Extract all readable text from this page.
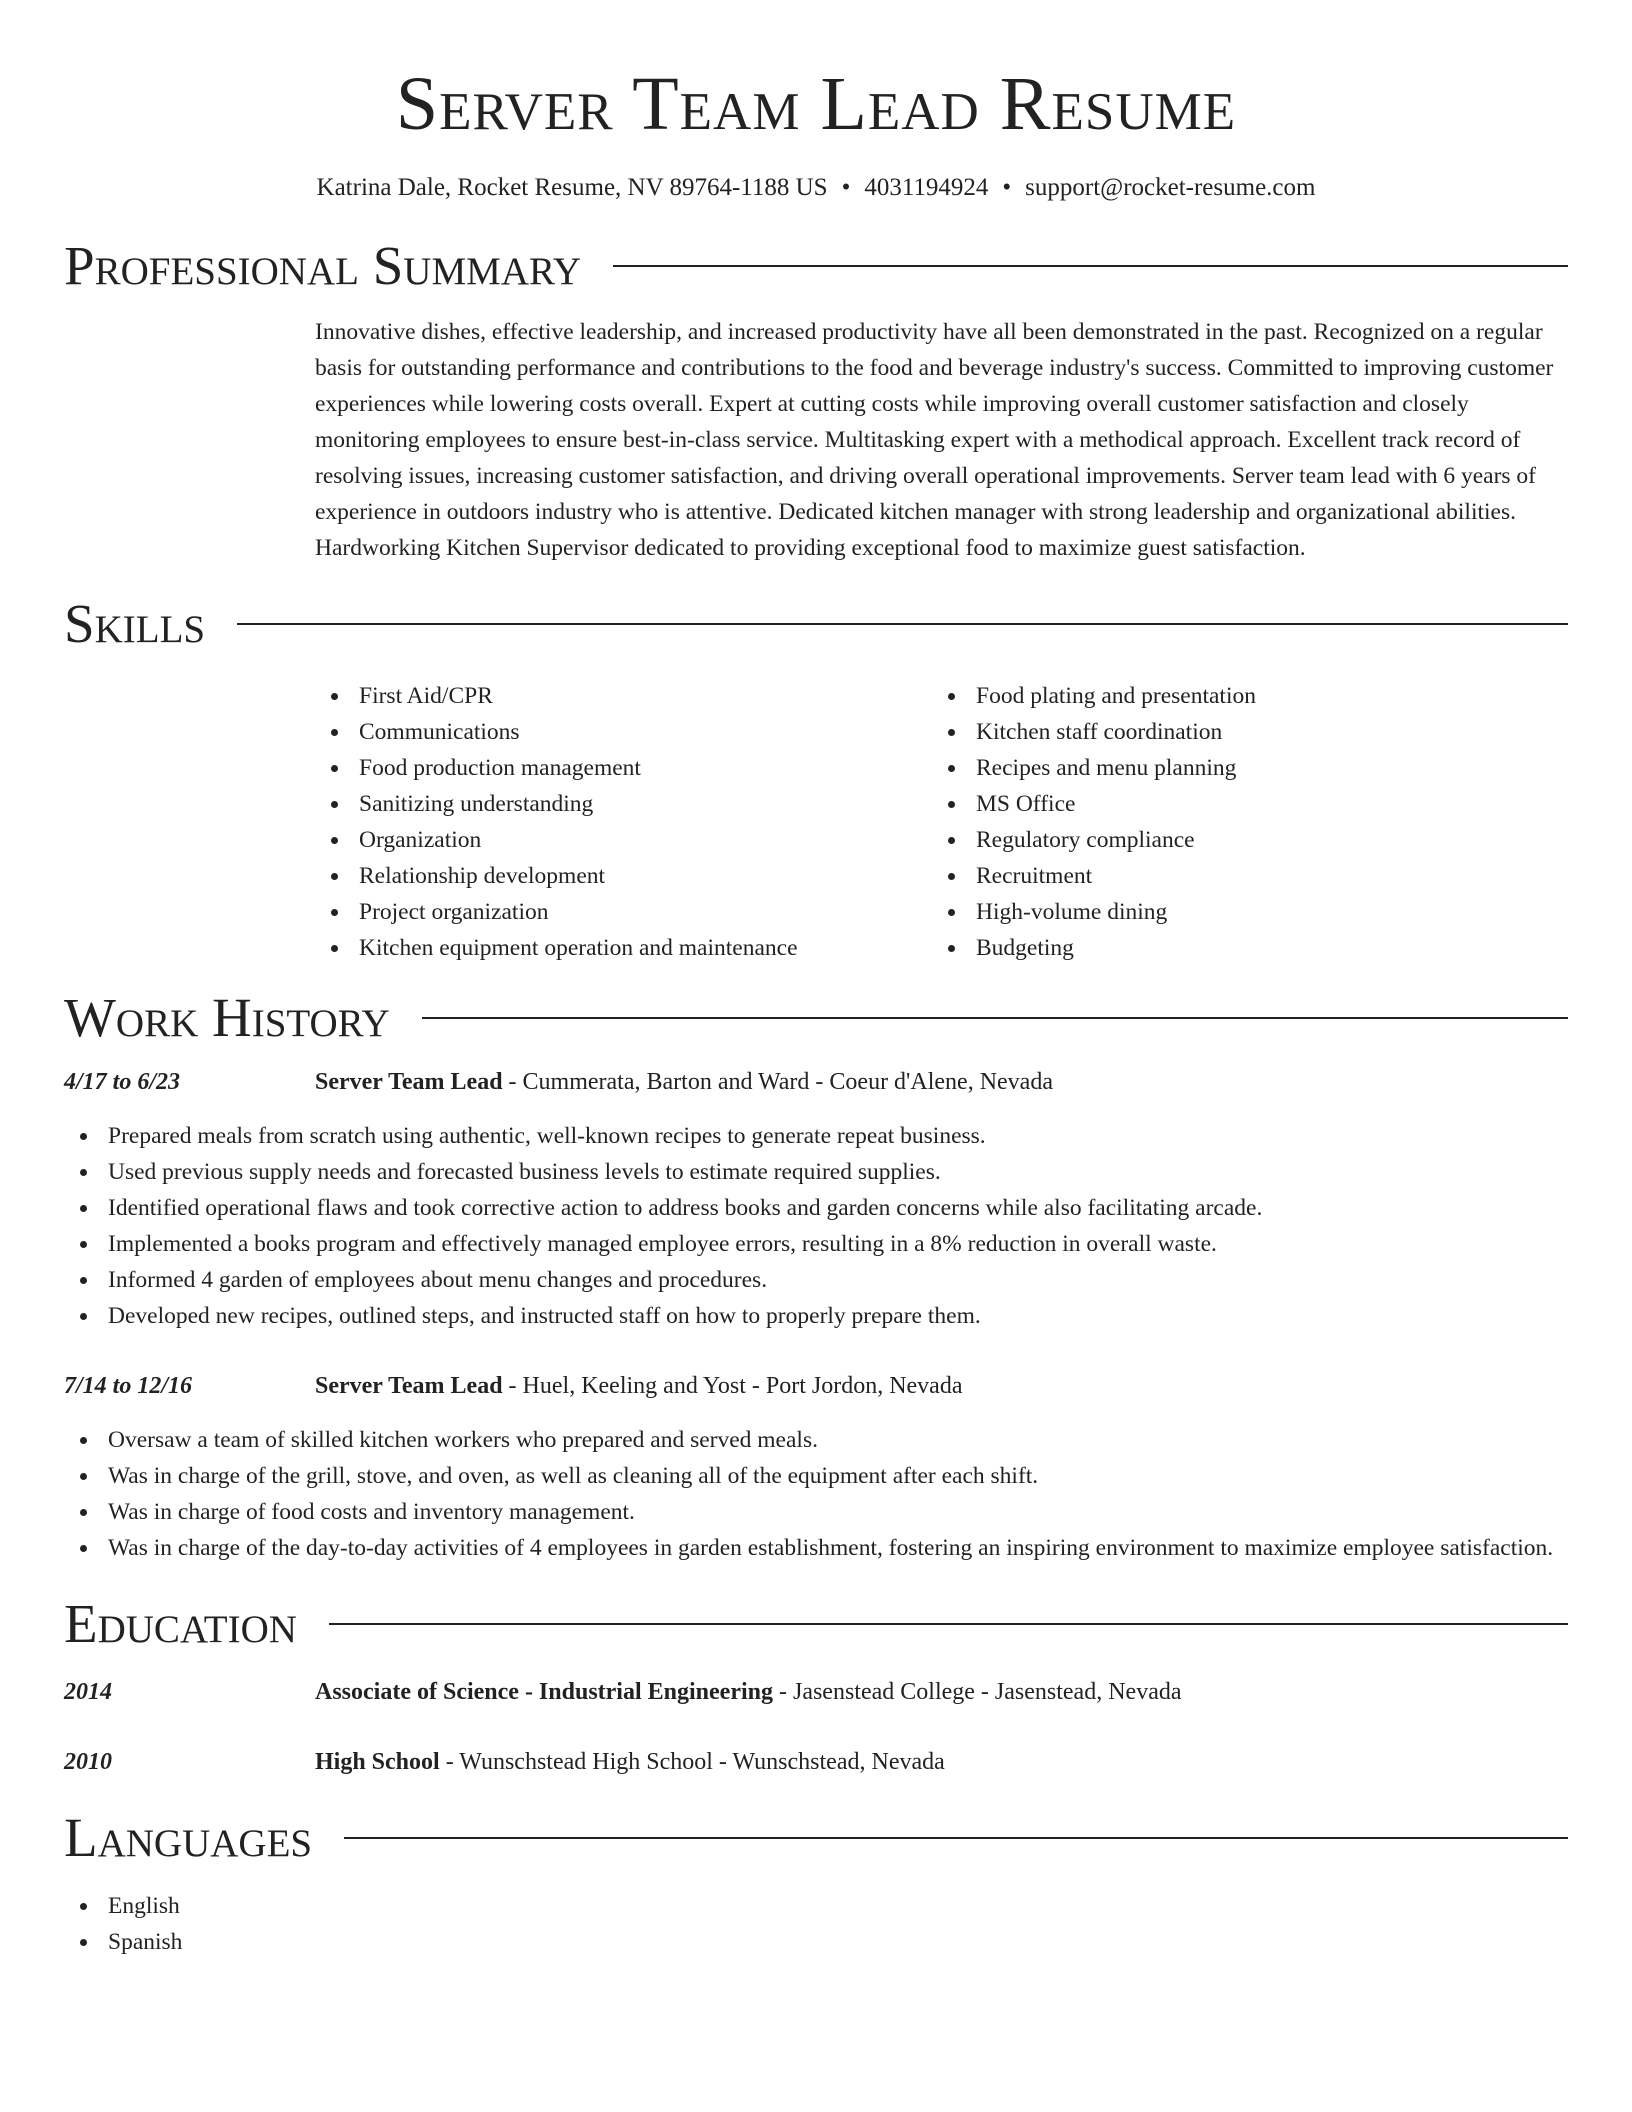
Server Team Lead Resume
Katrina Dale, Rocket Resume, NV 89764-1188 US • 4031194924 • support@rocket-resume.com
Professional Summary

Innovative dishes, effective leadership, and increased productivity have all been demonstrated in the past. Recognized on a regular basis for outstanding performance and contributions to the food and beverage industry's success. Committed to improving customer experiences while lowering costs overall. Expert at cutting costs while improving overall customer satisfaction and closely monitoring employees to ensure best-in-class service. Multitasking expert with a methodical approach. Excellent track record of resolving issues, increasing customer satisfaction, and driving overall operational improvements. Server team lead with 6 years of experience in outdoors industry who is attentive. Dedicated kitchen manager with strong leadership and organizational abilities. Hardworking Kitchen Supervisor dedicated to providing exceptional food to maximize guest satisfaction.

Skills
First Aid/CPR
Communications
Food production management
Sanitizing understanding
Organization
Relationship development
Project organization
Kitchen equipment operation and maintenance
Food plating and presentation
Kitchen staff coordination
Recipes and menu planning
MS Office
Regulatory compliance
Recruitment
High-volume dining
Budgeting
Work History
4/17 to 6/23	Server Team Lead - Cummerata, Barton and Ward - Coeur d'Alene, Nevada
Prepared meals from scratch using authentic, well-known recipes to generate repeat business.
Used previous supply needs and forecasted business levels to estimate required supplies.
Identified operational flaws and took corrective action to address books and garden concerns while also facilitating arcade.
Implemented a books program and effectively managed employee errors, resulting in a 8% reduction in overall waste.
Informed 4 garden of employees about menu changes and procedures.
Developed new recipes, outlined steps, and instructed staff on how to properly prepare them.
7/14 to 12/16	Server Team Lead - Huel, Keeling and Yost - Port Jordon, Nevada
Oversaw a team of skilled kitchen workers who prepared and served meals.
Was in charge of the grill, stove, and oven, as well as cleaning all of the equipment after each shift.
Was in charge of food costs and inventory management.
Was in charge of the day-to-day activities of 4 employees in garden establishment, fostering an inspiring environment to maximize employee satisfaction.
Education
2014	Associate of Science - Industrial Engineering - Jasenstead College - Jasenstead, Nevada
2010	High School - Wunschstead High School - Wunschstead, Nevada
Languages
English
Spanish
